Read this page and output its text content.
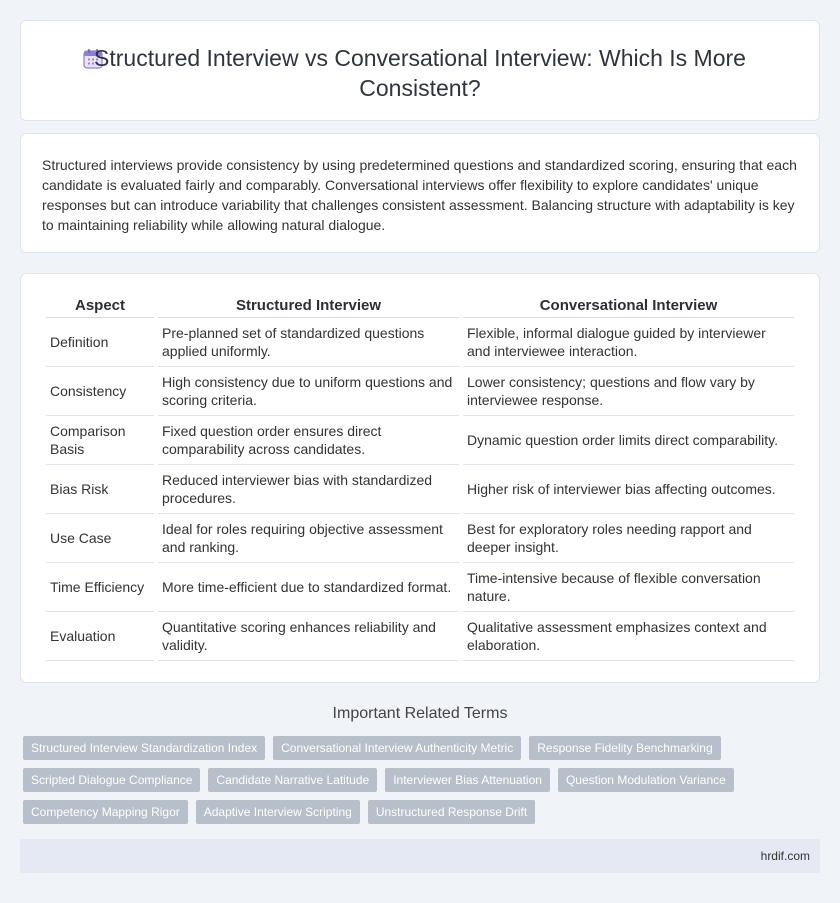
Structured Interview vs Conversational Interview: Which Is More Consistent?

Structured interviews provide consistency by using predetermined questions and standardized scoring, ensuring that each candidate is evaluated fairly and comparably. Conversational interviews offer flexibility to explore candidates' unique responses but can introduce variability that challenges consistent assessment. Balancing structure with adaptability is key to maintaining reliability while allowing natural dialogue.

Aspect	Structured Interview	Conversational Interview
Definition	Pre-planned set of standardized questions applied uniformly.	Flexible, informal dialogue guided by interviewer and interviewee interaction.
Consistency	High consistency due to uniform questions and scoring criteria.	Lower consistency; questions and flow vary by interviewee response.
Comparison Basis	Fixed question order ensures direct comparability across candidates.	Dynamic question order limits direct comparability.
Bias Risk	Reduced interviewer bias with standardized procedures.	Higher risk of interviewer bias affecting outcomes.
Use Case	Ideal for roles requiring objective assessment and ranking.	Best for exploratory roles needing rapport and deeper insight.
Time Efficiency	More time-efficient due to standardized format.	Time-intensive because of flexible conversation nature.
Evaluation	Quantitative scoring enhances reliability and validity.	Qualitative assessment emphasizes context and elaboration.
Important Related Terms
Structured Interview Standardization Index	Conversational Interview Authenticity Metric	Response Fidelity Benchmarking
Scripted Dialogue Compliance	Candidate Narrative Latitude	Interviewer Bias Attenuation	Question Modulation Variance
Competency Mapping Rigor	Adaptive Interview Scripting	Unstructured Response Drift
hrdif.com
